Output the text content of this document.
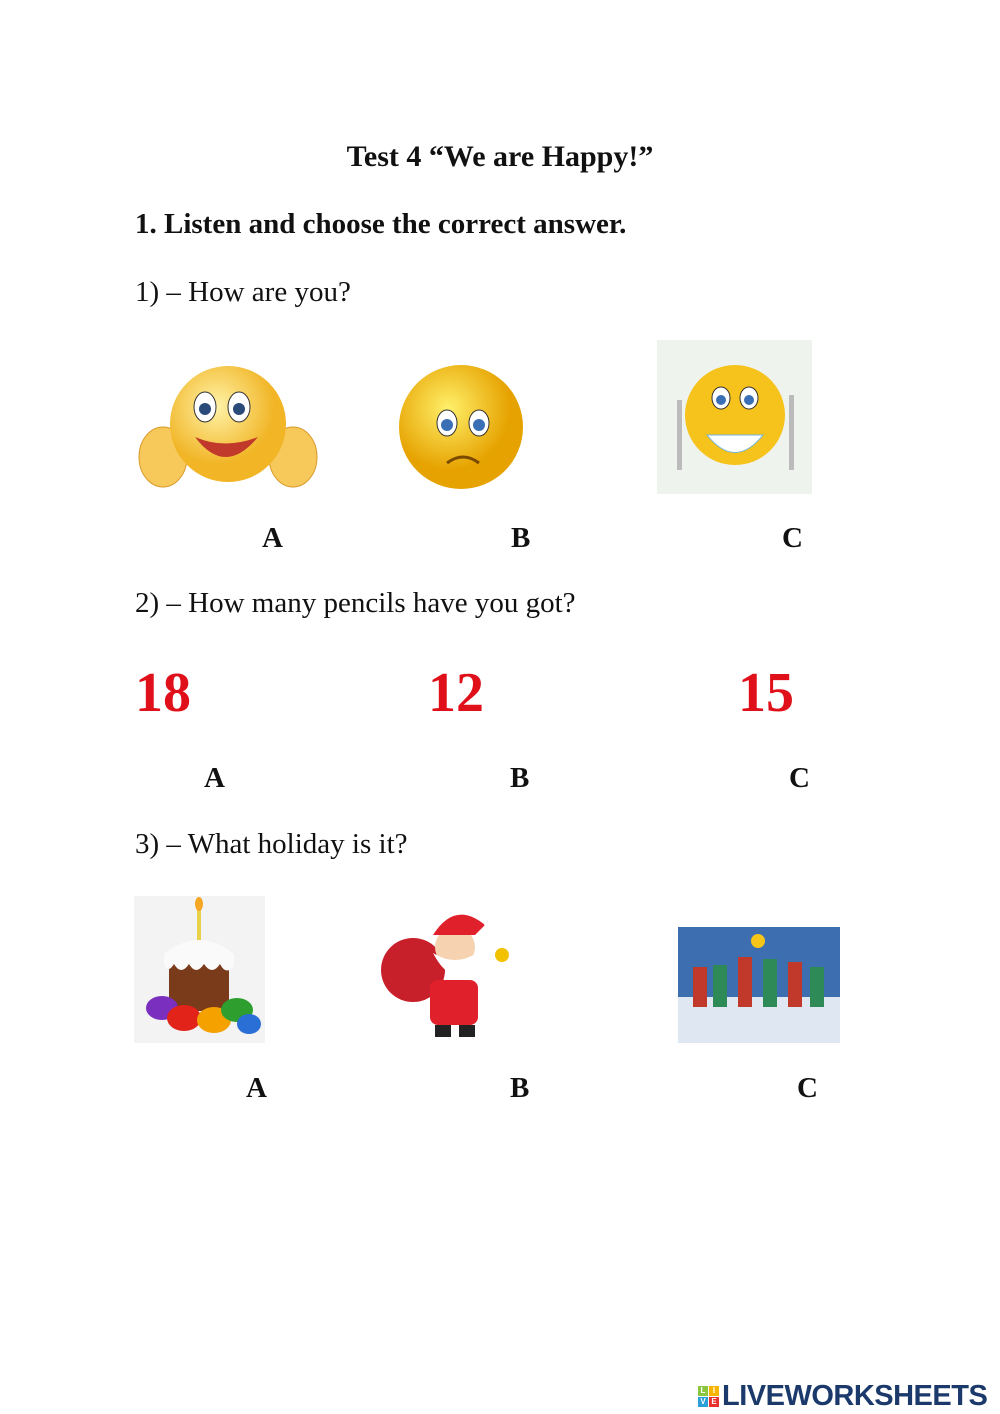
Test 4 “We are Happy!”
1. Listen and choose the correct answer.
1) – How are you?
A	B	C
2) – How many pencils have you got?
18	12	15
A	B	C
3) – What holiday is it?
A	B	C
L I
V E LIVEWORKSHEETS
